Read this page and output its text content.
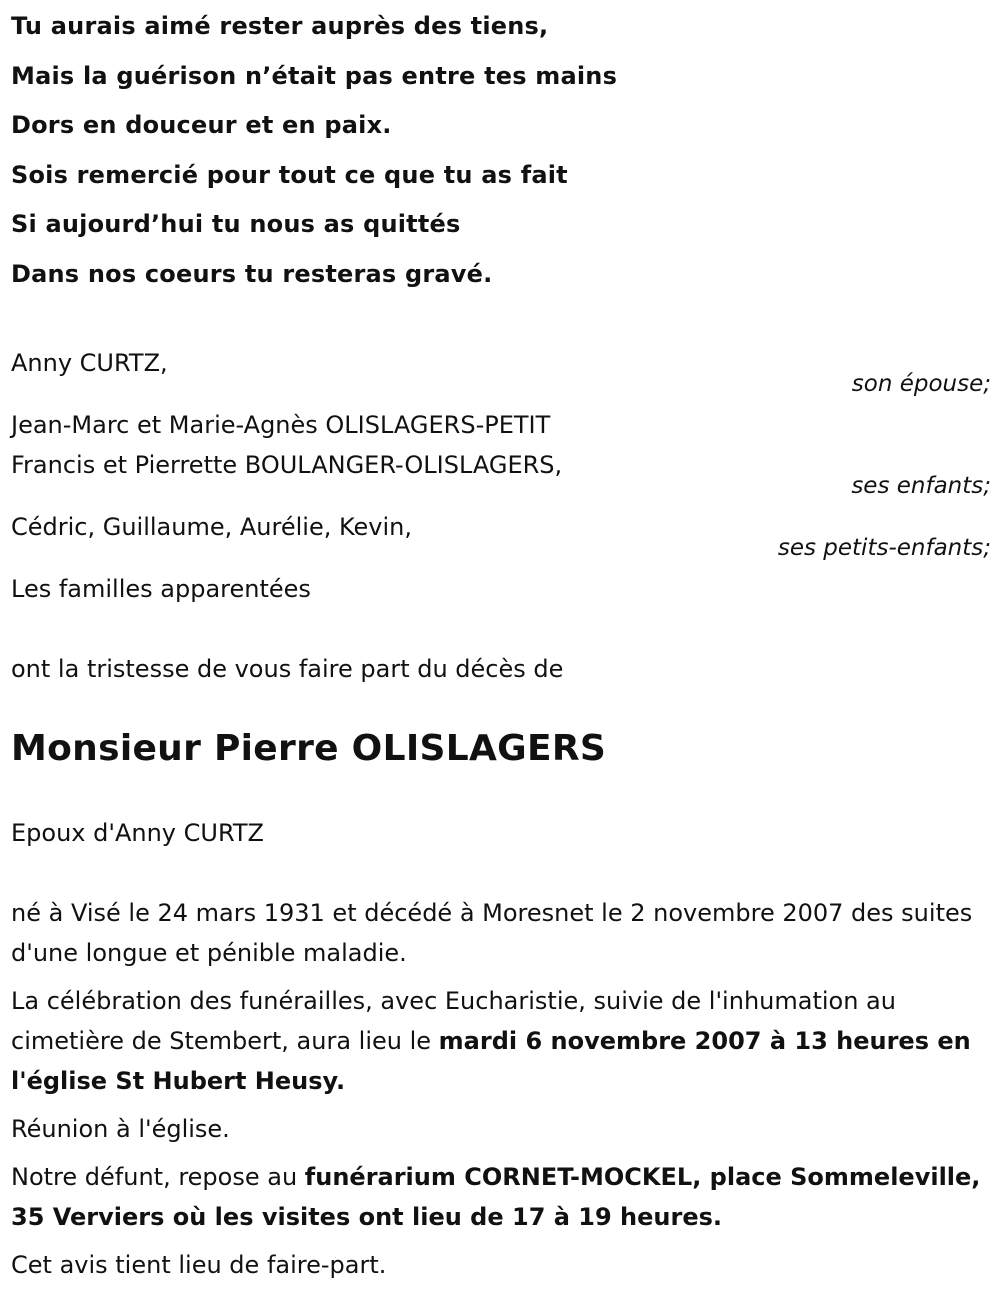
Tu aurais aimé rester auprès des tiens,

Mais la guérison n’était pas entre tes mains

Dors en douceur et en paix.

Sois remercié pour tout ce que tu as fait

Si aujourd’hui tu nous as quittés

Dans nos coeurs tu resteras gravé.

Anny CURTZ,
son épouse;
Jean-Marc et Marie-Agnès OLISLAGERS-PETIT
Francis et Pierrette BOULANGER-OLISLAGERS,
ses enfants;
Cédric, Guillaume, Aurélie, Kevin,
ses petits-enfants;
Les familles apparentées
ont la tristesse de vous faire part du décès de
Monsieur Pierre OLISLAGERS
Epoux d'Anny CURTZ
né à Visé le 24 mars 1931 et décédé à Moresnet le 2 novembre 2007 des suites d'une longue et pénible maladie.
La célébration des funérailles, avec Eucharistie, suivie de l'inhumation au cimetière de Stembert, aura lieu le mardi 6 novembre 2007 à 13 heures en l'église St Hubert Heusy.
Réunion à l'église.
Notre défunt, repose au funérarium CORNET-MOCKEL, place Sommeleville, 35 Verviers où les visites ont lieu de 17 à 19 heures.
Cet avis tient lieu de faire-part.
